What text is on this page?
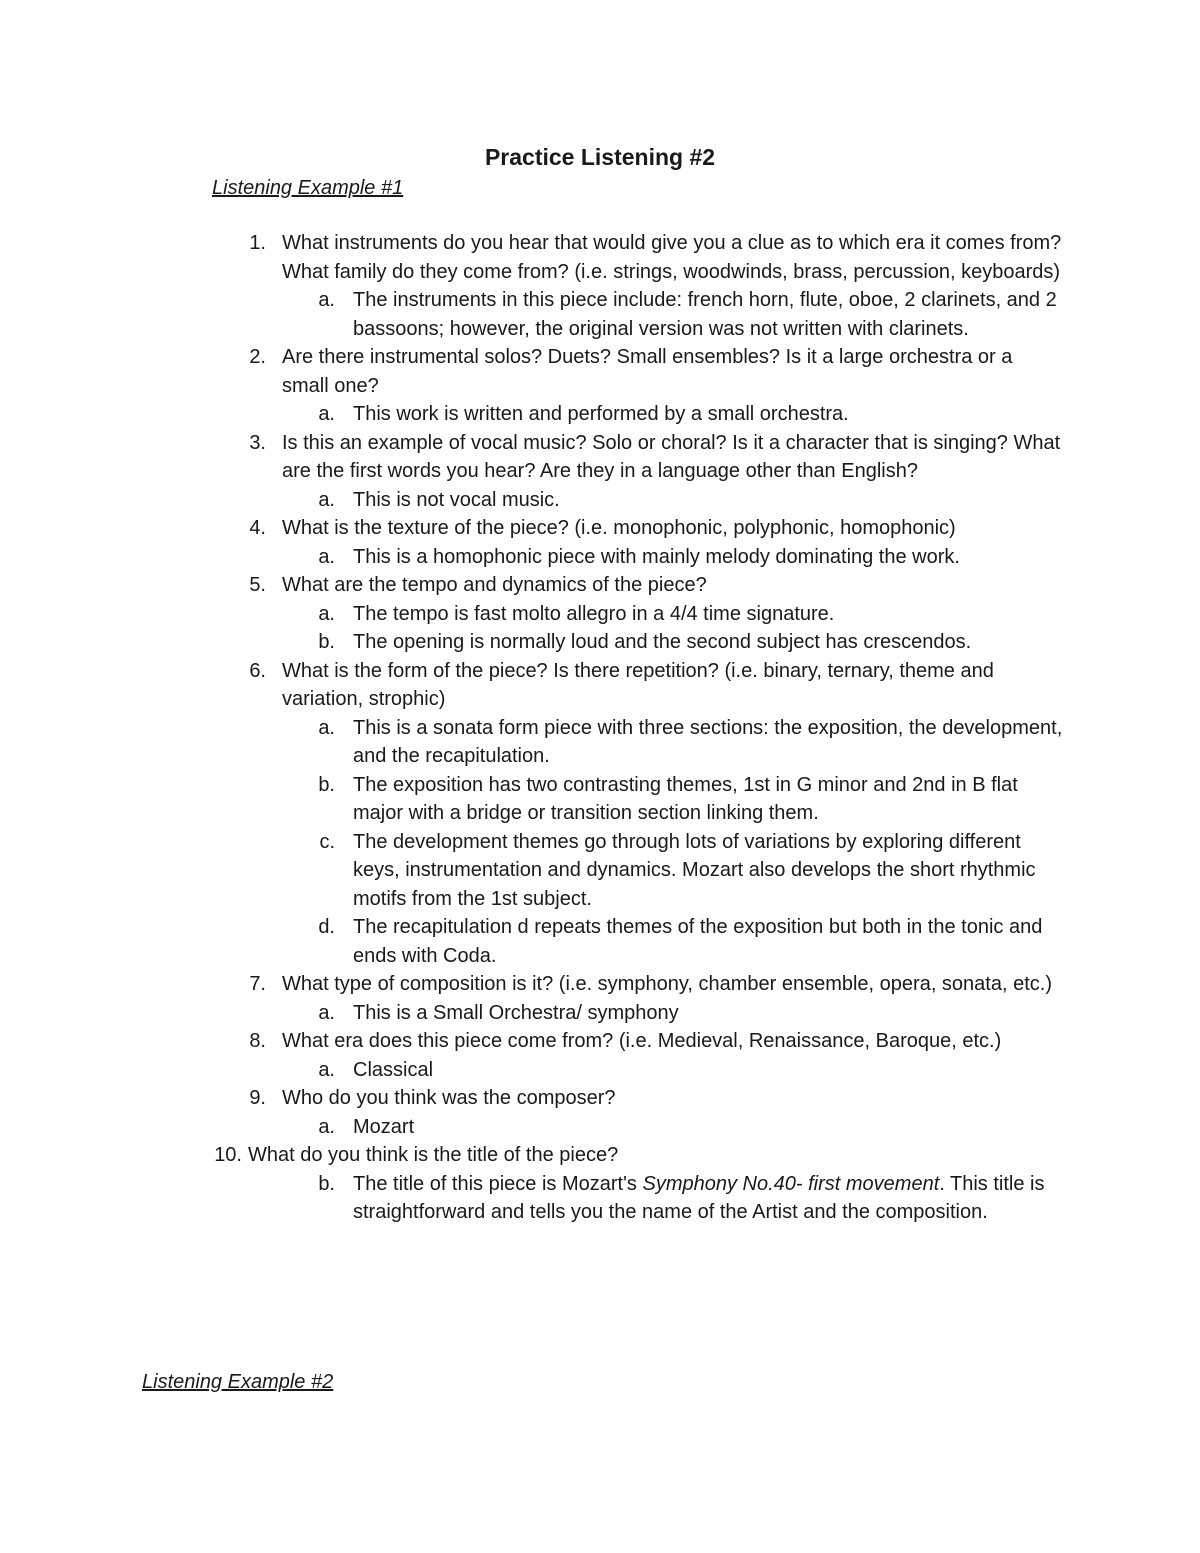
Practice Listening #2
Listening Example #1
1. What instruments do you hear that would give you a clue as to which era it comes from? What family do they come from? (i.e. strings, woodwinds, brass, percussion, keyboards)
a. The instruments in this piece include: french horn, flute, oboe, 2 clarinets, and 2 bassoons; however, the original version was not written with clarinets.
2. Are there instrumental solos? Duets? Small ensembles? Is it a large orchestra or a small one?
a. This work is written and performed by a small orchestra.
3. Is this an example of vocal music? Solo or choral? Is it a character that is singing? What are the first words you hear? Are they in a language other than English?
a. This is not vocal music.
4. What is the texture of the piece? (i.e. monophonic, polyphonic, homophonic)
a. This is a homophonic piece with mainly melody dominating the work.
5. What are the tempo and dynamics of the piece?
a. The tempo is fast molto allegro in a 4/4 time signature.
b. The opening is normally loud and the second subject has crescendos.
6. What is the form of the piece? Is there repetition? (i.e. binary, ternary, theme and variation, strophic)
a. This is a sonata form piece with three sections: the exposition, the development, and the recapitulation.
b. The exposition has two contrasting themes, 1st in G minor and 2nd in B flat major with a bridge or transition section linking them.
c. The development themes go through lots of variations by exploring different keys, instrumentation and dynamics. Mozart also develops the short rhythmic motifs from the 1st subject.
d. The recapitulation d repeats themes of the exposition but both in the tonic and ends with Coda.
7. What type of composition is it? (i.e. symphony, chamber ensemble, opera, sonata, etc.)
a. This is a Small Orchestra/ symphony
8. What era does this piece come from? (i.e. Medieval, Renaissance, Baroque, etc.)
a. Classical
9. Who do you think was the composer?
a. Mozart
10. What do you think is the title of the piece?
b. The title of this piece is Mozart's Symphony No.40- first movement. This title is straightforward and tells you the name of the Artist and the composition.
Listening Example #2
